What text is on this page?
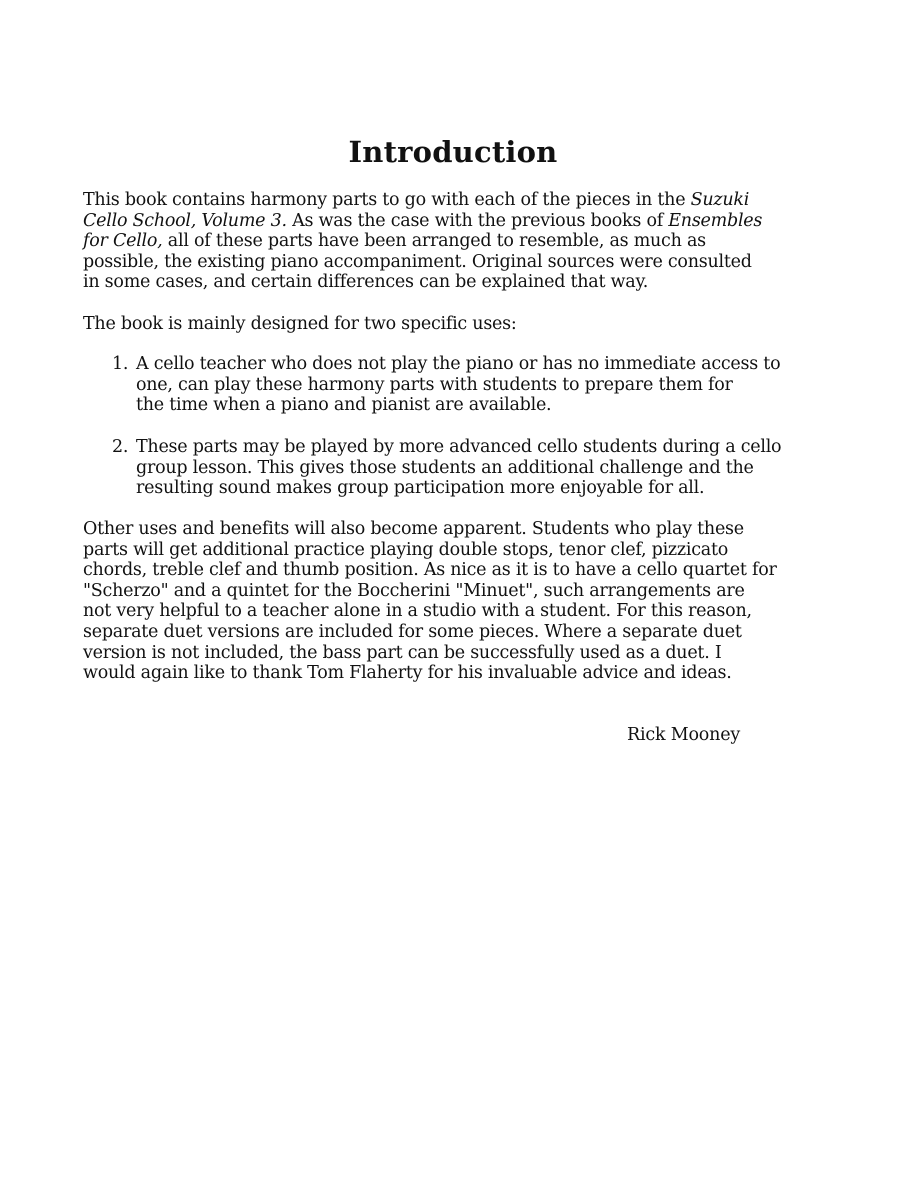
Introduction

This book contains harmony parts to go with each of the pieces in the Suzuki
Cello School, Volume 3. As was the case with the previous books of Ensembles
for Cello, all of these parts have been arranged to resemble, as much as
possible, the existing piano accompaniment. Original sources were consulted
in some cases, and certain differences can be explained that way.

The book is mainly designed for two specific uses:

1. A cello teacher who does not play the piano or has no immediate access to
one, can play these harmony parts with students to prepare them for
the time when a piano and pianist are available.
2. These parts may be played by more advanced cello students during a cello
group lesson. This gives those students an additional challenge and the
resulting sound makes group participation more enjoyable for all.

Other uses and benefits will also become apparent. Students who play these
parts will get additional practice playing double stops, tenor clef, pizzicato
chords, treble clef and thumb position. As nice as it is to have a cello quartet for
"Scherzo" and a quintet for the Boccherini "Minuet", such arrangements are
not very helpful to a teacher alone in a studio with a student. For this reason,
separate duet versions are included for some pieces. Where a separate duet
version is not included, the bass part can be successfully used as a duet. I
would again like to thank Tom Flaherty for his invaluable advice and ideas.

Rick Mooney
